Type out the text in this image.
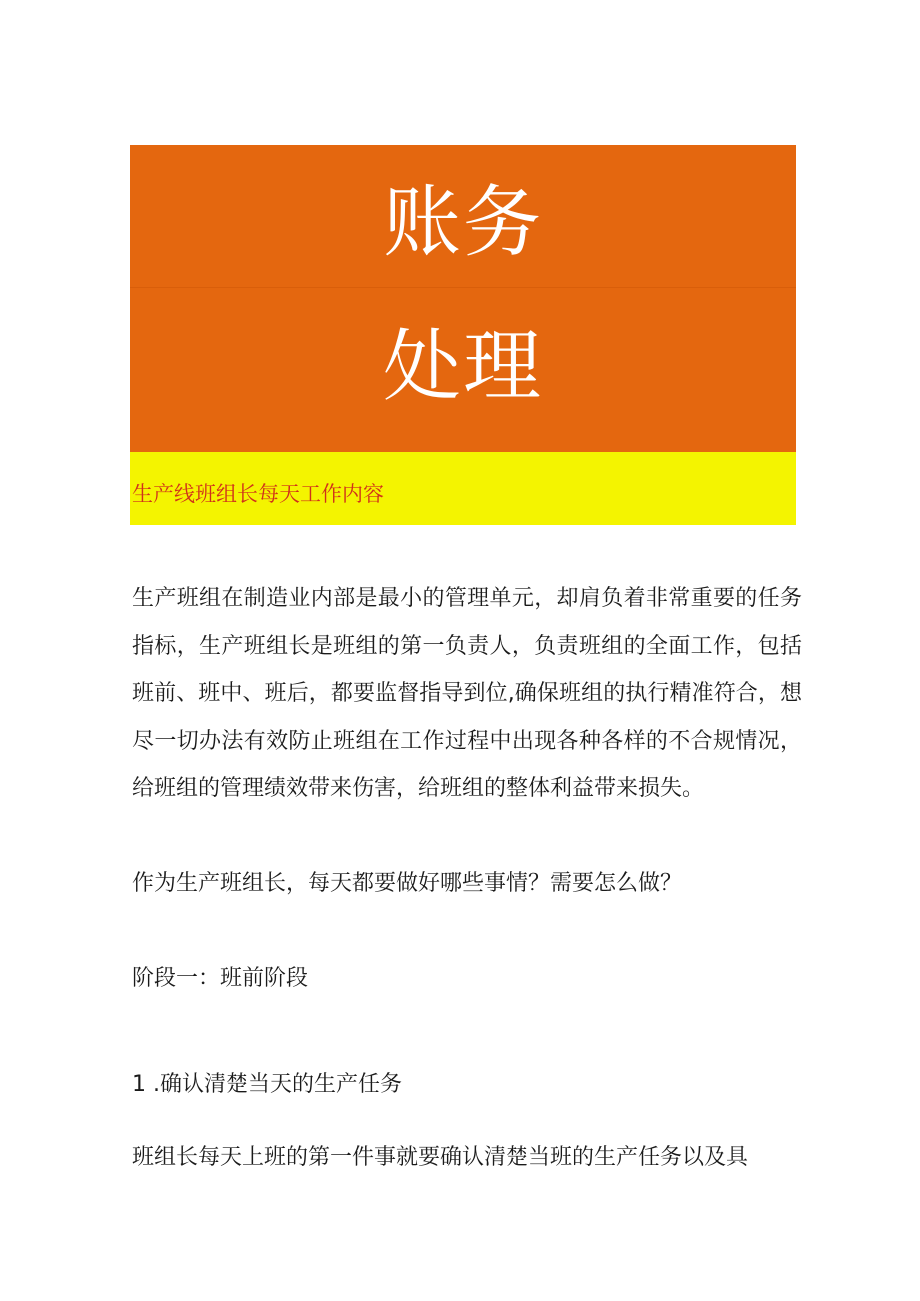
账务
处理
生产线班组长每天工作内容

生产班组在制造业内部是最小的管理单元，却肩负着非常重要的任务指标，生产班组长是班组的第一负责人，负责班组的全面工作，包括班前、班中、班后，都要监督指导到位,确保班组的执行精准符合，想尽一切办法有效防止班组在工作过程中出现各种各样的不合规情况，给班组的管理绩效带来伤害，给班组的整体利益带来损失。

作为生产班组长，每天都要做好哪些事情？需要怎么做？

阶段一：班前阶段
1 .确认清楚当天的生产任务

班组长每天上班的第一件事就要确认清楚当班的生产任务以及具
